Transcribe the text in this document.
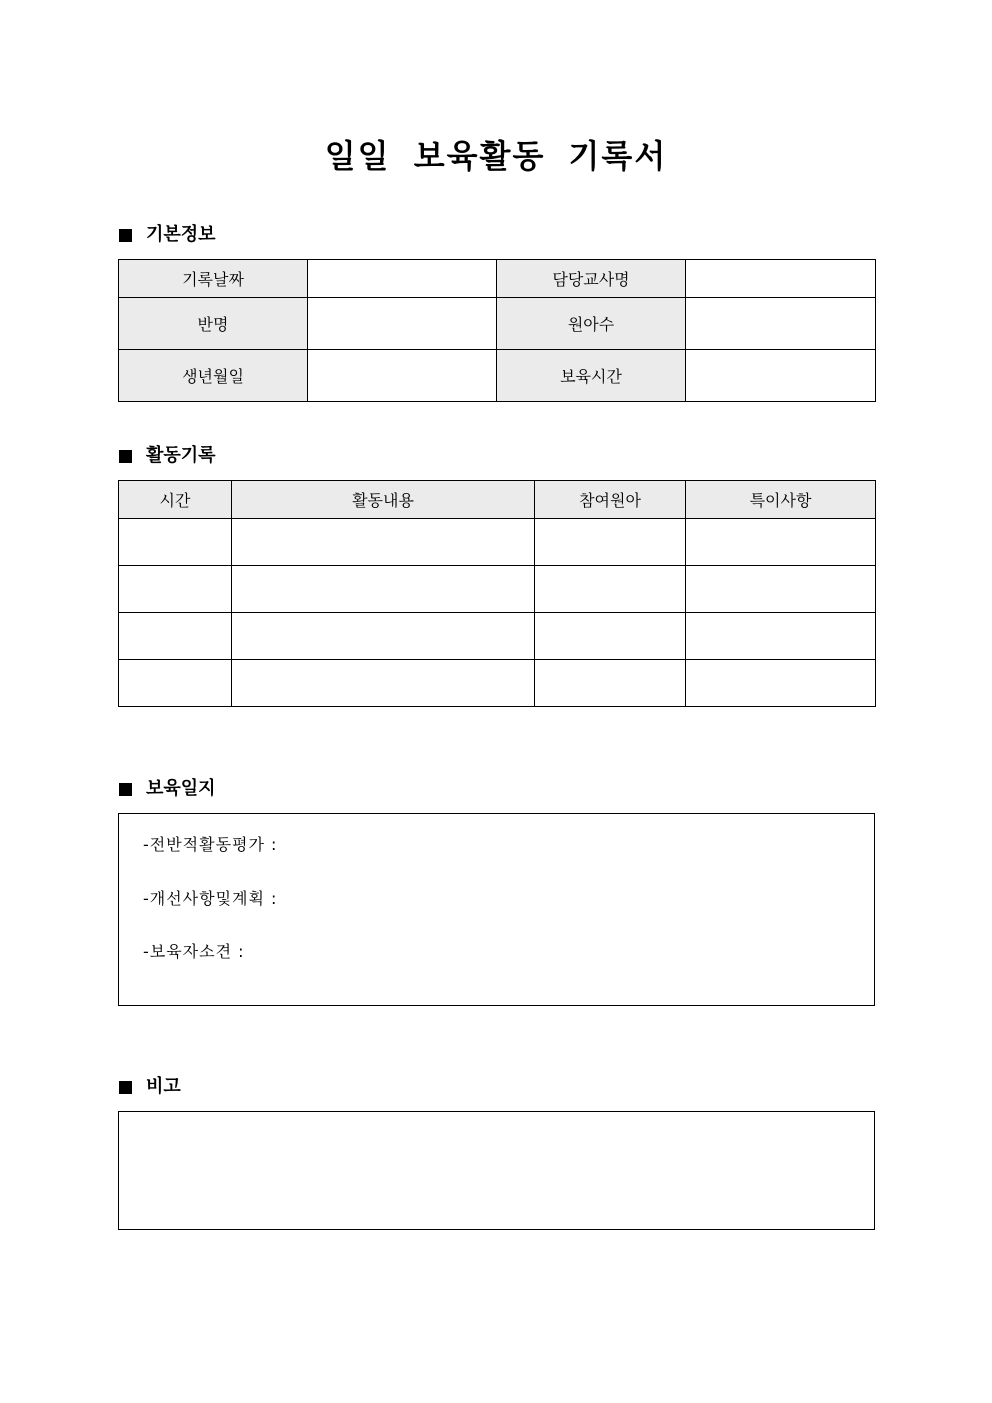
일일 보육활동 기록서
기본정보
기록날짜		담당교사명	
반명		원아수	
생년월일		보육시간	
활동기록
시간	활동내용	참여원아	특이사항

보육일지
-전반적활동평가 :
-개선사항및계획 :
-보육자소견 :
비고
